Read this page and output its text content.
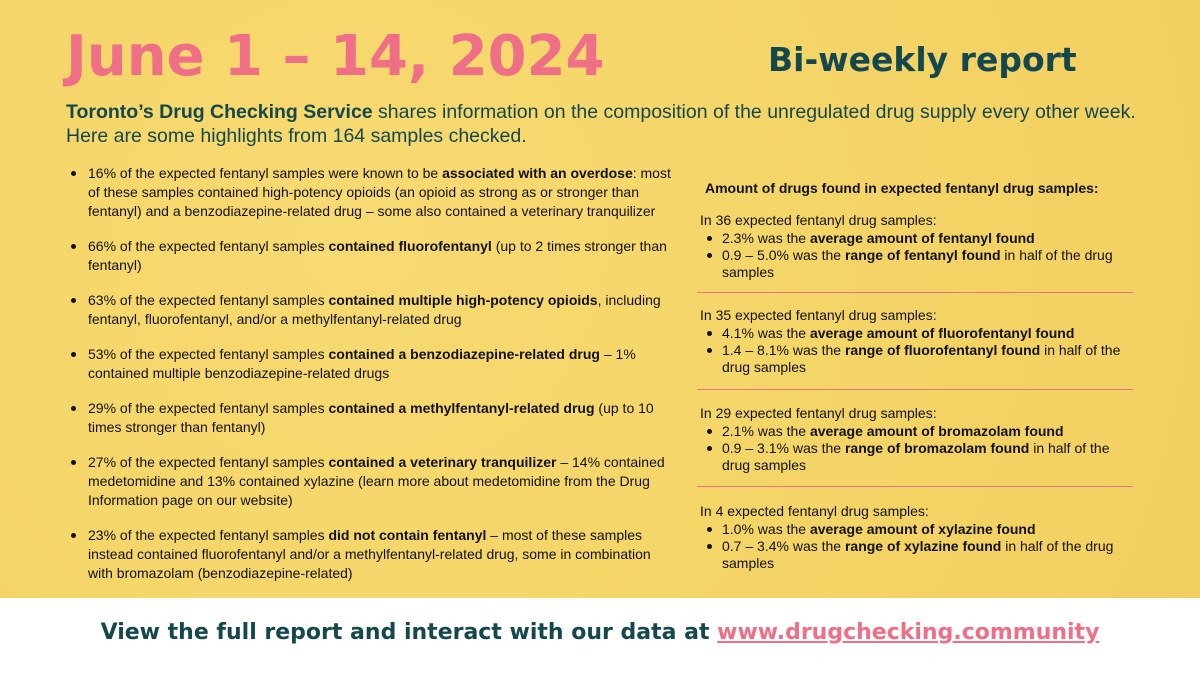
June 1 – 14, 2024	Bi-weekly report
Toronto’s Drug Checking Service shares information on the composition of the unregulated drug supply every other week. Here are some highlights from 164 samples checked.
16% of the expected fentanyl samples were known to be associated with an overdose: most of these samples contained high-potency opioids (an opioid as strong as or stronger than fentanyl) and a benzodiazepine-related drug – some also contained a veterinary tranquilizer
66% of the expected fentanyl samples contained fluorofentanyl (up to 2 times stronger than fentanyl)
63% of the expected fentanyl samples contained multiple high-potency opioids, including fentanyl, fluorofentanyl, and/or a methylfentanyl-related drug
53% of the expected fentanyl samples contained a benzodiazepine-related drug – 1% contained multiple benzodiazepine-related drugs
29% of the expected fentanyl samples contained a methylfentanyl-related drug (up to 10 times stronger than fentanyl)
27% of the expected fentanyl samples contained a veterinary tranquilizer – 14% contained medetomidine and 13% contained xylazine (learn more about medetomidine from the Drug Information page on our website)
23% of the expected fentanyl samples did not contain fentanyl – most of these samples instead contained fluorofentanyl and/or a methylfentanyl-related drug, some in combination with bromazolam (benzodiazepine-related)
Amount of drugs found in expected fentanyl drug samples:
In 36 expected fentanyl drug samples:
2.3% was the average amount of fentanyl found
0.9 – 5.0% was the range of fentanyl found in half of the drug samples
In 35 expected fentanyl drug samples:
4.1% was the average amount of fluorofentanyl found
1.4 – 8.1% was the range of fluorofentanyl found in half of the drug samples
In 29 expected fentanyl drug samples:
2.1% was the average amount of bromazolam found
0.9 – 3.1% was the range of bromazolam found in half of the drug samples
In 4 expected fentanyl drug samples:
1.0% was the average amount of xylazine found
0.7 – 3.4% was the range of xylazine found in half of the drug samples
View the full report and interact with our data at www.drugchecking.community
